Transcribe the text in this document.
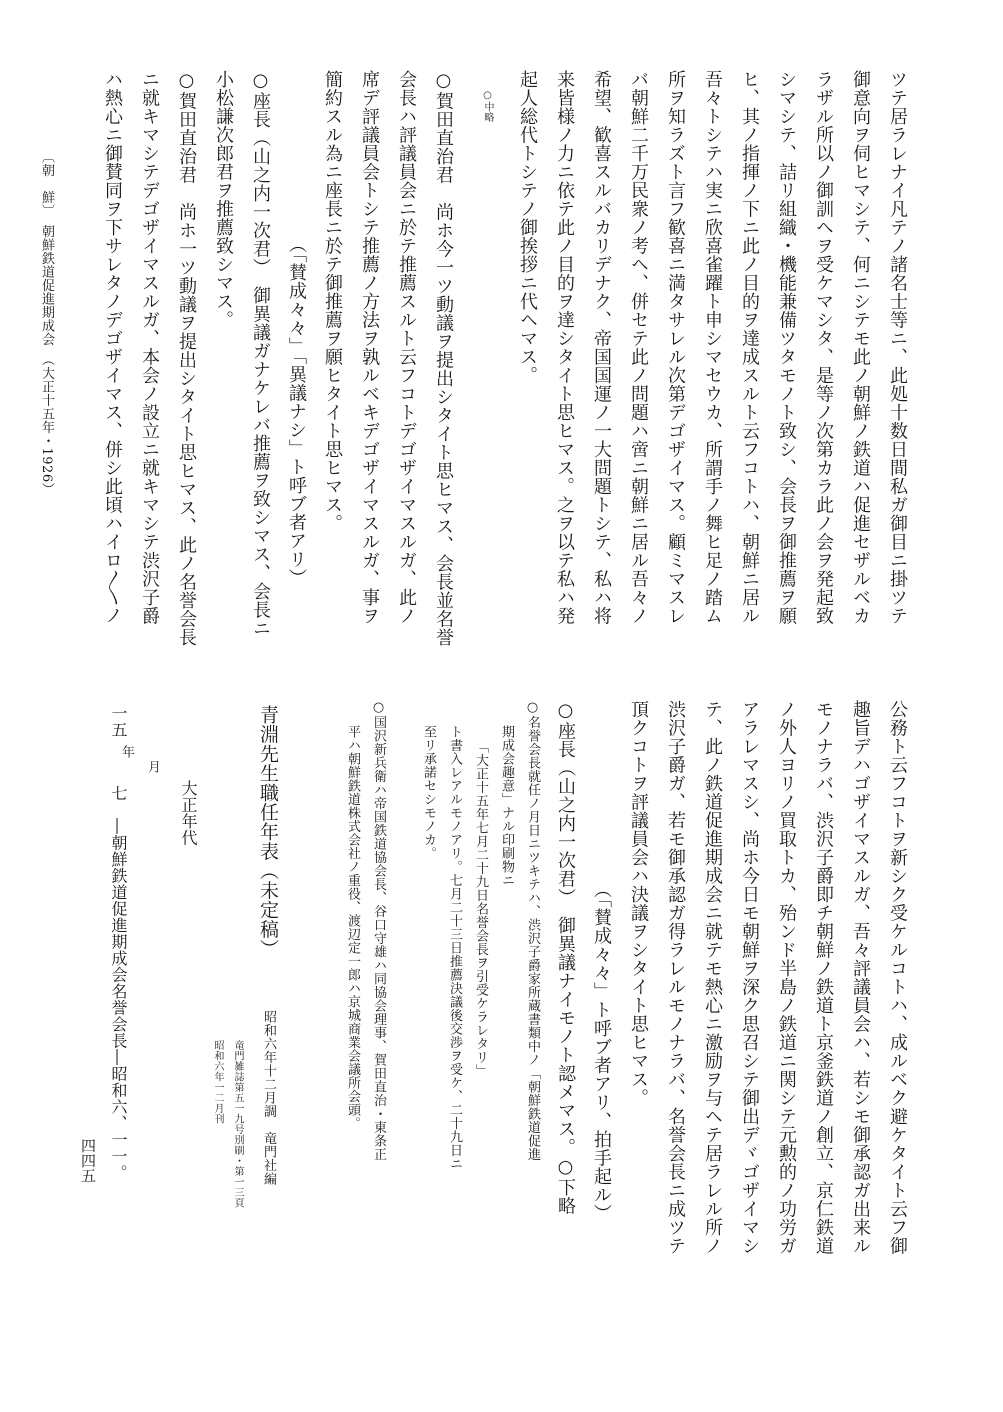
〔朝　鮮〕　朝鮮鉄道促進期成会　（大正十五年・1926）	ツテ居ラレナイ凡テノ諸名士等ニ、此処十数日間私ガ御目ニ掛ツテ
御意向ヲ伺ヒマシテ、何ニシテモ此ノ朝鮮ノ鉄道ハ促進セザルベカ
ラザル所以ノ御訓ヘヲ受ケマシタ、是等ノ次第カラ此ノ会ヲ発起致
シマシテ、詰リ組織・機能兼備ツタモノト致シ、会長ヲ御推薦ヲ願
ヒ、其ノ指揮ノ下ニ此ノ目的ヲ達成スルト云フコトハ、朝鮮ニ居ル
吾々トシテハ実ニ欣喜雀躍ト申シマセウカ、所謂手ノ舞ヒ足ノ踏ム
所ヲ知ラズト言フ歓喜ニ満タサレル次第デゴザイマス。顧ミマスレ
バ朝鮮二千万民衆ノ考ヘ、併セテ此ノ問題ハ啻ニ朝鮮ニ居ル吾々ノ
希望、歓喜スルバカリデナク、帝国国運ノ一大問題トシテ、私ハ将
来皆様ノ力ニ依テ此ノ目的ヲ達シタイト思ヒマス。之ヲ以テ私ハ発
起人総代トシテノ御挨拶ニ代ヘマス。
○中略
○賀田直治君　尚ホ今一ツ動議ヲ提出シタイト思ヒマス、会長並名誉
会長ハ評議員会ニ於テ推薦スルト云フコトデゴザイマスルガ、此ノ
席デ評議員会トシテ推薦ノ方法ヲ孰ルベキデゴザイマスルガ、事ヲ
簡約スル為ニ座長ニ於テ御推薦ヲ願ヒタイト思ヒマス。
（「賛成々々」「異議ナシ」ト呼ブ者アリ）
○座長（山之内一次君）　御異議ガナケレバ推薦ヲ致シマス、会長ニ
小松謙次郎君ヲ推薦致シマス。
○賀田直治君　尚ホ一ツ動議ヲ提出シタイト思ヒマス、此ノ名誉会長
ニ就キマシテデゴザイマスルガ、本会ノ設立ニ就キマシテ渋沢子爵
ハ熱心ニ御賛同ヲ下サレタノデゴザイマス、併シ此頃ハイロ〳〵ノ
公務ト云フコトヲ新シク受ケルコトハ、成ルベク避ケタイト云フ御
趣旨デハゴザイマスルガ、吾々評議員会ハ、若シモ御承認ガ出来ル
モノナラバ、渋沢子爵即チ朝鮮ノ鉄道ト京釜鉄道ノ創立、京仁鉄道
ノ外人ヨリノ買取トカ、殆ンド半島ノ鉄道ニ関シテ元勲的ノ功労ガ
アラレマスシ、尚ホ今日モ朝鮮ヲ深ク思召シテ御出デヾゴザイマシ
テ、此ノ鉄道促進期成会ニ就テモ熱心ニ激励ヲ与ヘテ居ラレル所ノ
渋沢子爵ガ、若モ御承認ガ得ラレルモノナラバ、名誉会長ニ成ツテ
頂クコトヲ評議員会ハ決議ヲシタイト思ヒマス。
（「賛成々々」ト呼ブ者アリ、拍手起ル）
○座長（山之内一次君）　御異議ナイモノト認メマス。○下略
○名誉会長就任ノ月日ニツキテハ、渋沢子爵家所蔵書類中ノ「朝鮮鉄道促進
期成会趣意」ナル印刷物ニ
「大正十五年七月二十九日名誉会長ヲ引受ケラレタリ」
ト書入レアルモノアリ。七月二十三日推薦決議後交渉ヲ受ケ、二十九日ニ
至リ承諾セシモノカ。
○国沢新兵衛ハ帝国鉄道協会長、谷口守雄ハ同協会理事、賀田直治・東条正
平ハ朝鮮鉄道株式会社ノ重役、渡辺定一郎ハ京城商業会議所会頭。
青淵先生職任年表（未定稿）
昭和六年十二月調　竜門社編
竜門雑誌第五一九号別刷・第一三頁
昭和六年一二月刊
大正年代
月
年
一五
七　―朝鮮鉄道促進期成会名誉会長―昭和六、一一。
四四五
